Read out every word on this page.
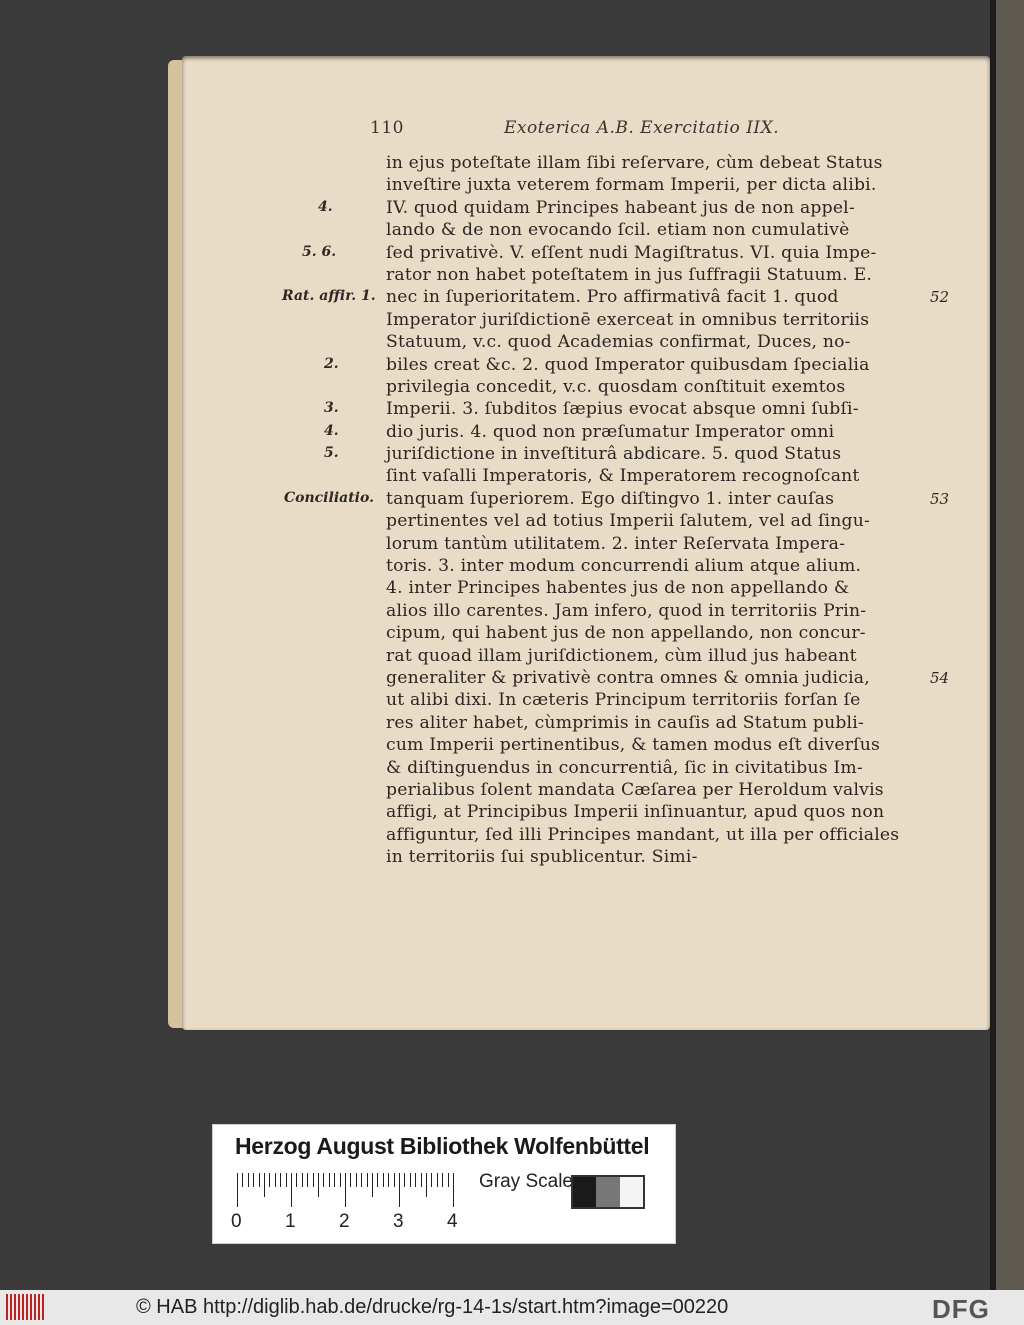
110	Exoterica A.B. Exercitatio IIX.
in ejus poteſtate illam ſibi reſervare, cùm debeat Status
inveſtire juxta veterem formam Imperii, per dicta alibi.
IV. quod quidam Principes habeant jus de non appel-
lando & de non evocando ſcil. etiam non cumulativè
ſed privativè. V. eſſent nudi Magiſtratus. VI. quia Impe-
rator non habet poteſtatem in jus ſuffragii Statuum. E.
nec in ſuperioritatem. Pro affirmativâ facit 1. quod
Imperator juriſdictionē exerceat in omnibus territoriis
Statuum, v.c. quod Academias confirmat, Duces, no-
biles creat &c. 2. quod Imperator quibusdam ſpecialia
privilegia concedit, v.c. quosdam conſtituit exemtos
Imperii. 3. ſubditos ſæpius evocat absque omni ſubſi-
dio juris. 4. quod non præſumatur Imperator omni
juriſdictione in inveſtiturâ abdicare. 5. quod Status
ſint vaſalli Imperatoris, & Imperatorem recognoſcant
tanquam ſuperiorem. Ego diſtingvo 1. inter cauſas
pertinentes vel ad totius Imperii ſalutem, vel ad ſingu-
lorum tantùm utilitatem. 2. inter Reſervata Impera-
toris. 3. inter modum concurrendi alium atque alium.
4. inter Principes habentes jus de non appellando &
alios illo carentes. Jam infero, quod in territoriis Prin-
cipum, qui habent jus de non appellando, non concur-
rat quoad illam juriſdictionem, cùm illud jus habeant
generaliter & privativè contra omnes & omnia judicia,
ut alibi dixi. In cæteris Principum territoriis forſan ſe
res aliter habet, cùmprimis in cauſis ad Statum publi-
cum Imperii pertinentibus, & tamen modus eſt diverſus
& diſtinguendus in concurrentiâ, ſic in civitatibus Im-
perialibus ſolent mandata Cæſarea per Heroldum valvis
affigi, at Principibus Imperii inſinuantur, apud quos non
affiguntur, ſed illi Principes mandant, ut illa per officiales
in territoriis ſui spublicentur. Simi-
4.
5. 6.
Rat. affir. 1.
2.
3.
4.
5.
Conciliatio.
52
53
54
Herzog August Bibliothek Wolfenbüttel
Gray Scale
0 1 2 3 4
© HAB http://diglib.hab.de/drucke/rg-14-1s/start.htm?image=00220	DFG
